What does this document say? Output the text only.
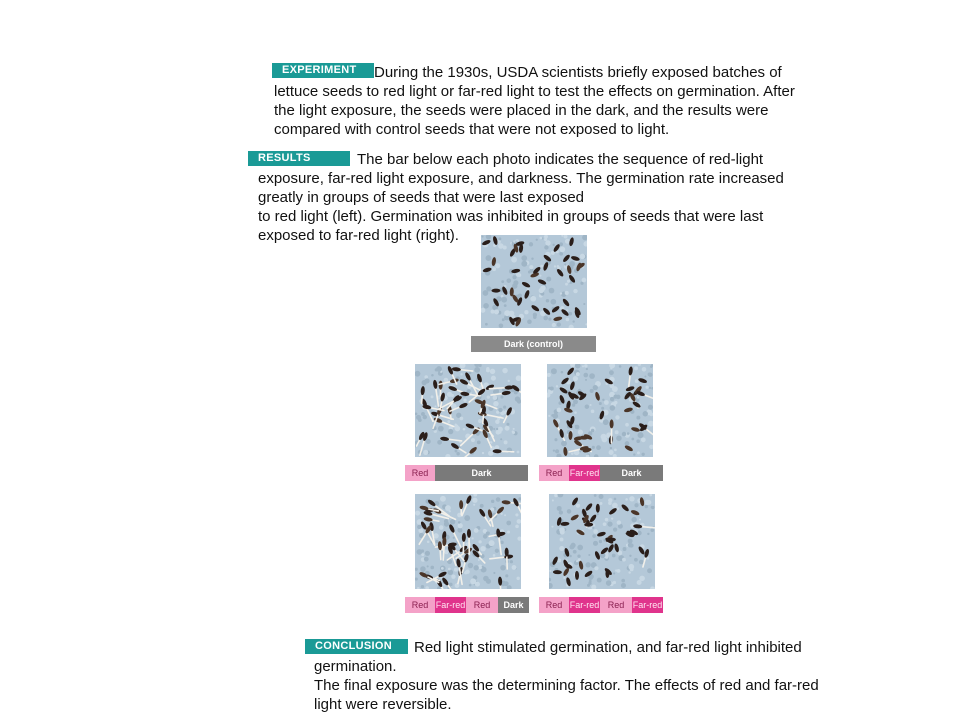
EXPERIMENT	During the 1930s, USDA scientists briefly exposed batches of
lettuce seeds to red light or far-red light to test the effects on germination. After
the light exposure, the seeds were placed in the dark, and the results were
compared with control seeds that were not exposed to light.
RESULTS	The bar below each photo indicates the sequence of red-light
exposure, far-red light exposure, and darkness. The germination rate increased
greatly in groups of seeds that were last exposed
to red light (left). Germination was inhibited in groups of seeds that were last
exposed to far-red light (right).
Dark (control)
Red	Dark	Red Far-red	Dark
Red Far-red Red	Dark	Red Far-red Red Far-red
CONCLUSION	Red light stimulated germination, and far-red light inhibited
germination.
The final exposure was the determining factor. The effects of red and far-red
light were reversible.
